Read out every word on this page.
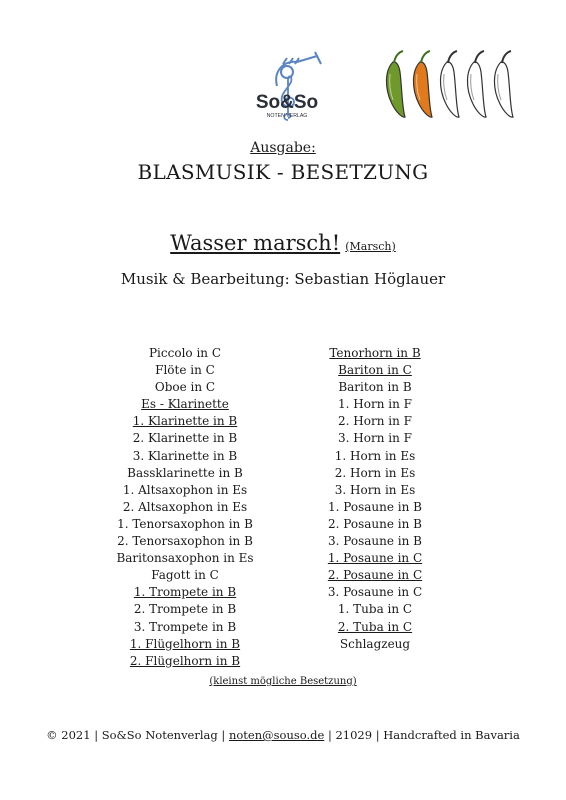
So&So
NOTEN VERLAG
Ausgabe:
BLASMUSIK - BESETZUNG
Wasser marsch! (Marsch)
Musik & Bearbeitung: Sebastian Höglauer
Piccolo in C
Flöte in C
Oboe in C
Es - Klarinette
1. Klarinette in B
2. Klarinette in B
3. Klarinette in B
Bassklarinette in B
1. Altsaxophon in Es
2. Altsaxophon in Es
1. Tenorsaxophon in B
2. Tenorsaxophon in B
Baritonsaxophon in Es
Fagott in C
1. Trompete in B
2. Trompete in B
3. Trompete in B
1. Flügelhorn in B
2. Flügelhorn in B
Tenorhorn in B
Bariton in C
Bariton in B
1. Horn in F
2. Horn in F
3. Horn in F
1. Horn in Es
2. Horn in Es
3. Horn in Es
1. Posaune in B
2. Posaune in B
3. Posaune in B
1. Posaune in C
2. Posaune in C
3. Posaune in C
1. Tuba in C
2. Tuba in C
Schlagzeug
(kleinst mögliche Besetzung)
© 2021 | So&So Notenverlag | noten@souso.de | 21029 | Handcrafted in Bavaria
